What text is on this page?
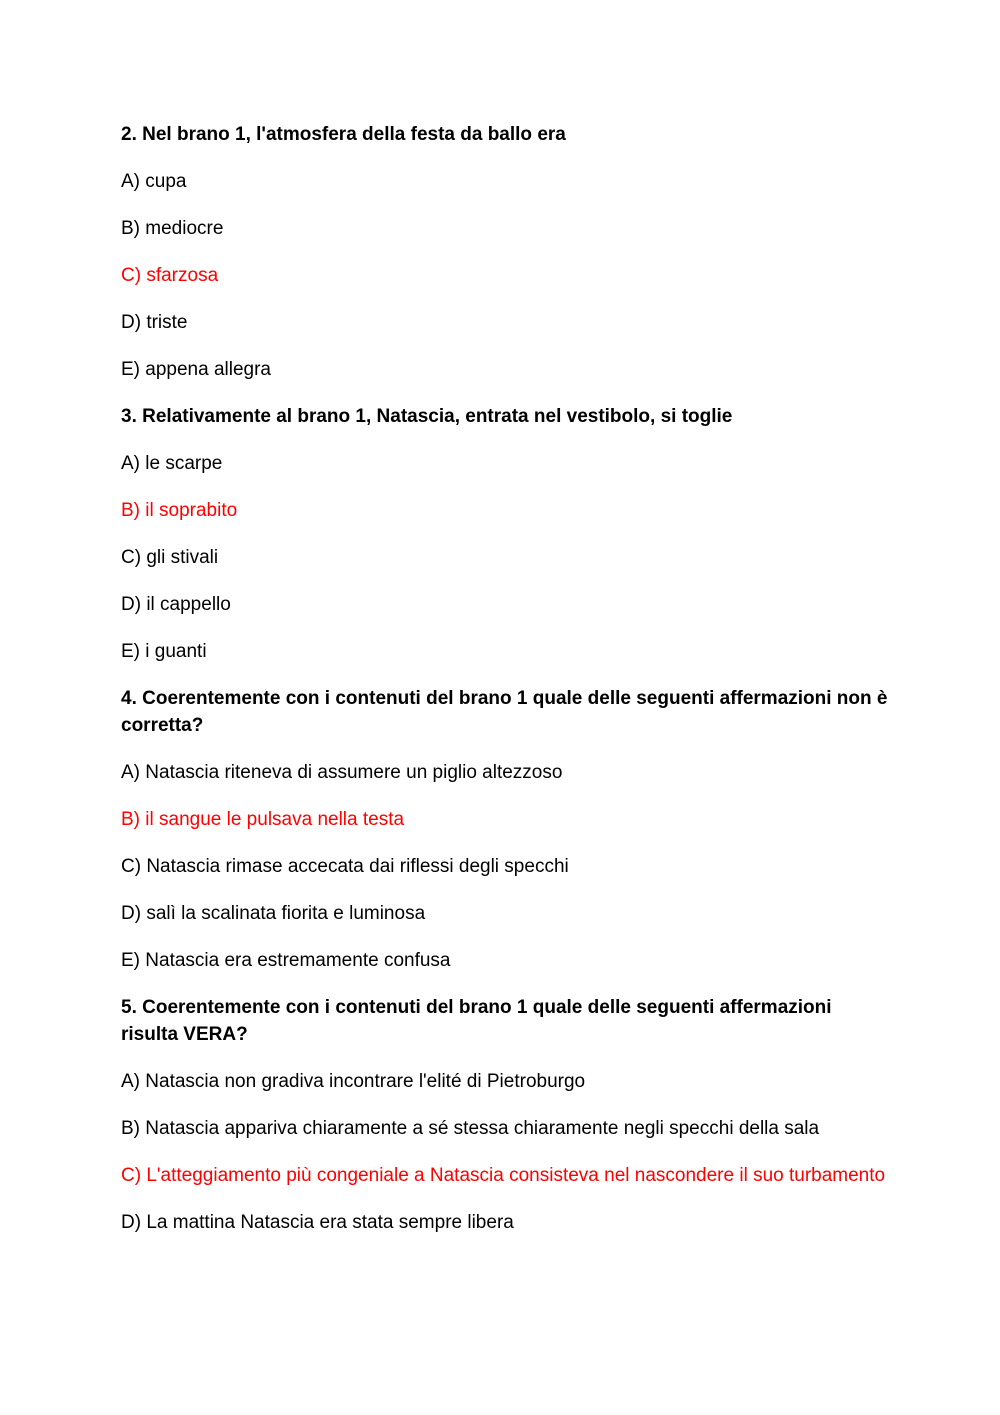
2. Nel brano 1, l'atmosfera della festa da ballo era

A) cupa

B) mediocre

C) sfarzosa

D) triste

E) appena allegra

3. Relativamente al brano 1, Natascia, entrata nel vestibolo, si toglie

A) le scarpe

B) il soprabito

C) gli stivali

D) il cappello

E) i guanti

4. Coerentemente con i contenuti del brano 1 quale delle seguenti affermazioni non è corretta?

A) Natascia riteneva di assumere un piglio altezzoso

B) il sangue le pulsava nella testa

C) Natascia rimase accecata dai riflessi degli specchi

D) salì la scalinata fiorita e luminosa

E) Natascia era estremamente confusa

5. Coerentemente con i contenuti del brano 1 quale delle seguenti affermazioni risulta VERA?

A) Natascia non gradiva incontrare l'elité di Pietroburgo

B) Natascia appariva chiaramente a sé stessa chiaramente negli specchi della sala

C) L'atteggiamento più congeniale a Natascia consisteva nel nascondere il suo turbamento

D) La mattina Natascia era stata sempre libera
